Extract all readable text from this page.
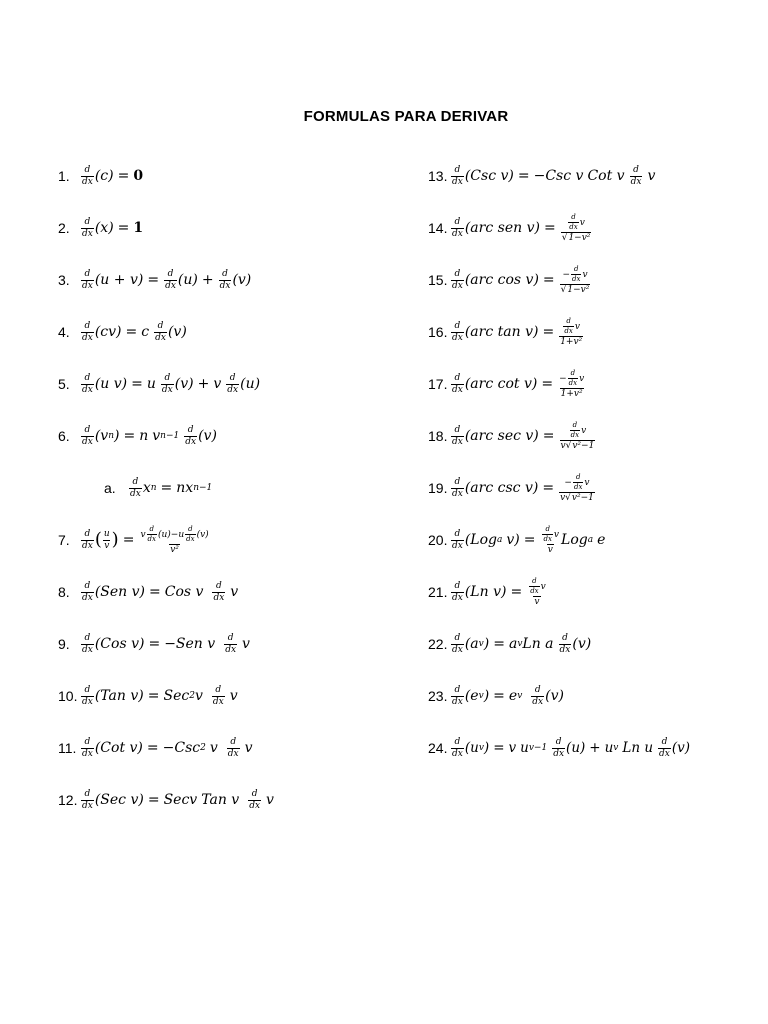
FORMULAS PARA DERIVAR
1.	$\frac{d}{dx} (c) = 0$
2.	$\frac{d}{dx} (x) = 1$
3.	$\frac{d}{dx} (u + v) = \frac{d}{dx} (u) + \frac{d}{dx} (v)$
4.	$\frac{d}{dx} (cv) = c \frac{d}{dx} (v)$
5.	$\frac{d}{dx} (u$ v) = u $\frac{d}{dx} (v) + v \frac{d}{dx} (u)$
6.	$\frac{d}{dx} (v$ n ) = n v $n-1 \frac{d}{dx} (v)$
a.	$\frac{d}{dx}$ x n = nx n−1
7.	$\frac{d}{dx}$ ( $\frac{u}{v}$ ) = $\frac{v \frac{d}{dx} (u)-u \frac{d}{dx} (v)}{\text{v²}}$
8.	$\frac{d}{dx} (Sen$ v) = Cos v $\frac{d}{dx}$ v
9.	$\frac{d}{dx} (Cos$ v) = − Sen v $\frac{d}{dx}$ v
10. $\frac{d}{dx} (Tan$ v) = Sec 2 v $\frac{d}{dx}$ v
11. $\frac{d}{dx} (Cot$ v) = − Csc 2 v $\frac{d}{dx}$ v
12. $\frac{d}{dx} (Sec$ v) = Secv Tan v $\frac{d}{dx}$ v
13. $\frac{d}{dx} (Csc$ v) = − Csc v Cot v $\frac{d}{dx}$ v
14. $\frac{d}{dx} (arc$ sen $v) = \frac{\frac{d}{dx} v}{\text{√1−v²}}$
15. $\frac{d}{dx} (arc$ $\cos v) = \frac{- \frac{d}{dx} v}{\text{√1−v²}}$
16. $\frac{d}{dx} (arc$ $\tan v) = \frac{\frac{d}{dx} v}{\text{1+v²}}$
17. $\frac{d}{dx} (arc$ $\cot v) = \frac{- \frac{d}{dx} v}{\text{1+v²}}$
18. $\frac{d}{dx} (arc$ $\sec v) = \frac{\frac{d}{dx} v}{\text{v√v²−1}}$
19. $\frac{d}{dx} (arc$ $\csc v) = \frac{- \frac{d}{dx} v}{\text{v√v²−1}}$
20. $\frac{d}{dx} (Log$ a $v) = \frac{\frac{d}{dx} v}{v}$ Log a e
21. $\frac{d}{dx} (Ln$ $v) = \frac{\frac{d}{dx} v}{v}$
22. $\frac{d}{dx} (a$ v ) = a v Ln a $\frac{d}{dx} (v)$
23. $\frac{d}{dx} (e$ v ) = e v $\frac{d}{dx} (v)$
24. $\frac{d}{dx} (u$ v ) = v u $v-1 \frac{d}{dx} (u) + u$ v Ln u $\frac{d}{dx} (v)$
